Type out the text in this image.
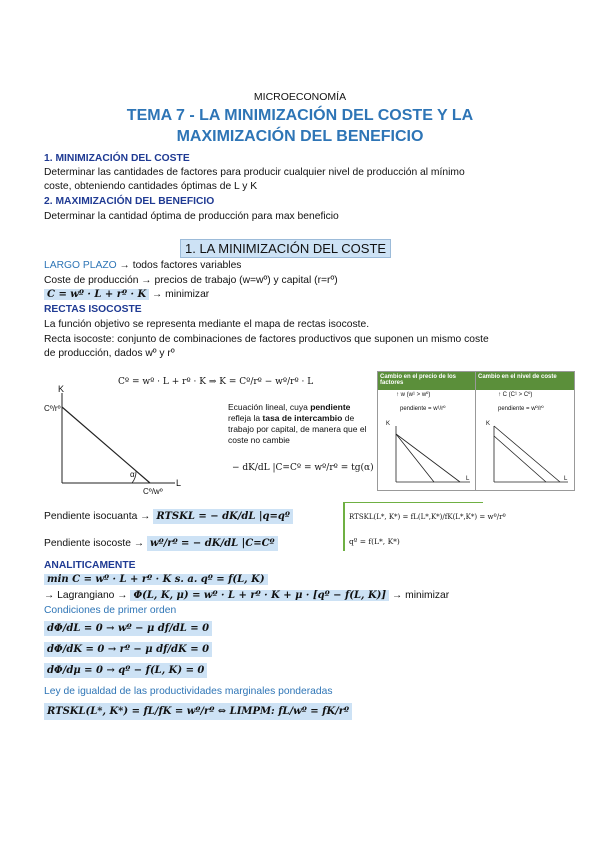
MICROECONOMÍA
TEMA 7 - LA MINIMIZACIÓN DEL COSTE Y LA
MAXIMIZACIÓN DEL BENEFICIO
1. MINIMIZACIÓN DEL COSTE
Determinar las cantidades de factores para producir cualquier nivel de producción al mínimo
coste, obteniendo cantidades óptimas de L y K
2. MAXIMIZACIÓN DEL BENEFICIO
Determinar la cantidad óptima de producción para max beneficio
1. LA MINIMIZACIÓN DEL COSTE
LARGO PLAZO → todos factores variables
Coste de producción → precios de trabajo (w=wº) y capital (r=rº)
C = wº · L + rº · K → minimizar
RECTAS ISOCOSTE
La función objetivo se representa mediante el mapa de rectas isocoste.
Recta isocoste: conjunto de combinaciones de factores productivos que suponen un mismo coste
de producción, dados wº y rº
Cº = wº · L + rº · K ⇒ K = Cº/rº − wº/rº · L
K
Cº/rº
L
Cº/wº
α
Ecuación lineal, cuya pendiente refleja la tasa de intercambio de trabajo por capital, de manera que el coste no cambie
− dK/dL |C=Cº = wº/rº = tg(α)
Cambio en el precio de los factores
Cambio en el nivel de coste
↑ w (w¹ > wº)
pendiente = w¹/rº
↑ C (C¹ > Cº)
pendiente = wº/rº
K
L
K
L
Pendiente isocuanta → RTSKL = − dK/dL |q=qº
Pendiente isocoste → wº/rº = − dK/dL |C=Cº
RTSKL(L*, K*) = fL(L*,K*)/fK(L*,K*) = wº/rº
qº = f(L*, K*)
ANALITICAMENTE
min C = wº · L + rº · K s. a. qº = f(L, K)
→ Lagrangiano → Φ(L, K, μ) = wº · L + rº · K + μ · [qº − f(L, K)] → minimizar
Condiciones de primer orden
dΦ/dL = 0 → wº − μ df/dL = 0
dΦ/dK = 0 → rº − μ df/dK = 0
dΦ/dμ = 0 → qº − f(L, K) = 0
Ley de igualdad de las productividades marginales ponderadas
RTSKL(L*, K*) = fL/fK = wº/rº ⇔ LIMPM: fL/wº = fK/rº
